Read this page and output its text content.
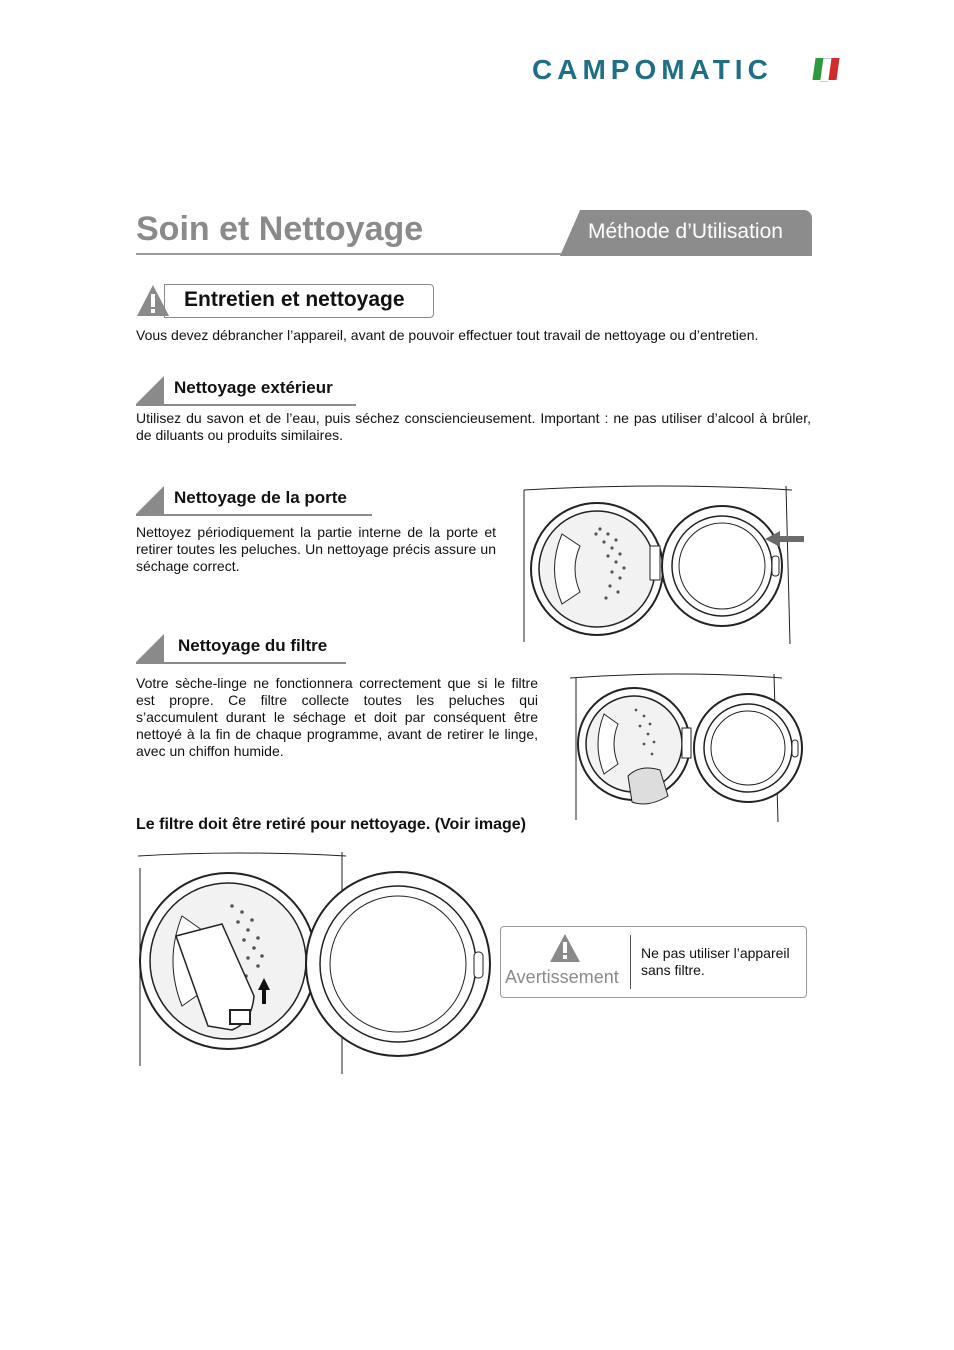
CAMPOMATIC
Soin et Nettoyage	Méthode d’Utilisation
Entretien et nettoyage
Vous devez débrancher l’appareil, avant de pouvoir effectuer tout travail de nettoyage ou d’entretien.
Nettoyage extérieur
Utilisez du savon et de l’eau, puis séchez consciencieusement. Important : ne pas utiliser d’alcool à brûler, de diluants ou produits similaires.
Nettoyage de la porte
Nettoyez périodiquement la partie interne de la porte et retirer toutes les peluches. Un nettoyage précis assure un séchage correct.
Nettoyage du filtre
Votre sèche-linge ne fonctionnera correctement que si le filtre est propre. Ce filtre collecte toutes les peluches qui s’accumulent durant le séchage et doit par conséquent être nettoyé à la fin de chaque programme, avant de retirer le linge, avec un chiffon humide.
Le filtre doit être retiré pour nettoyage. (Voir image)
Avertissement
Ne pas utiliser l’appareil sans filtre.
